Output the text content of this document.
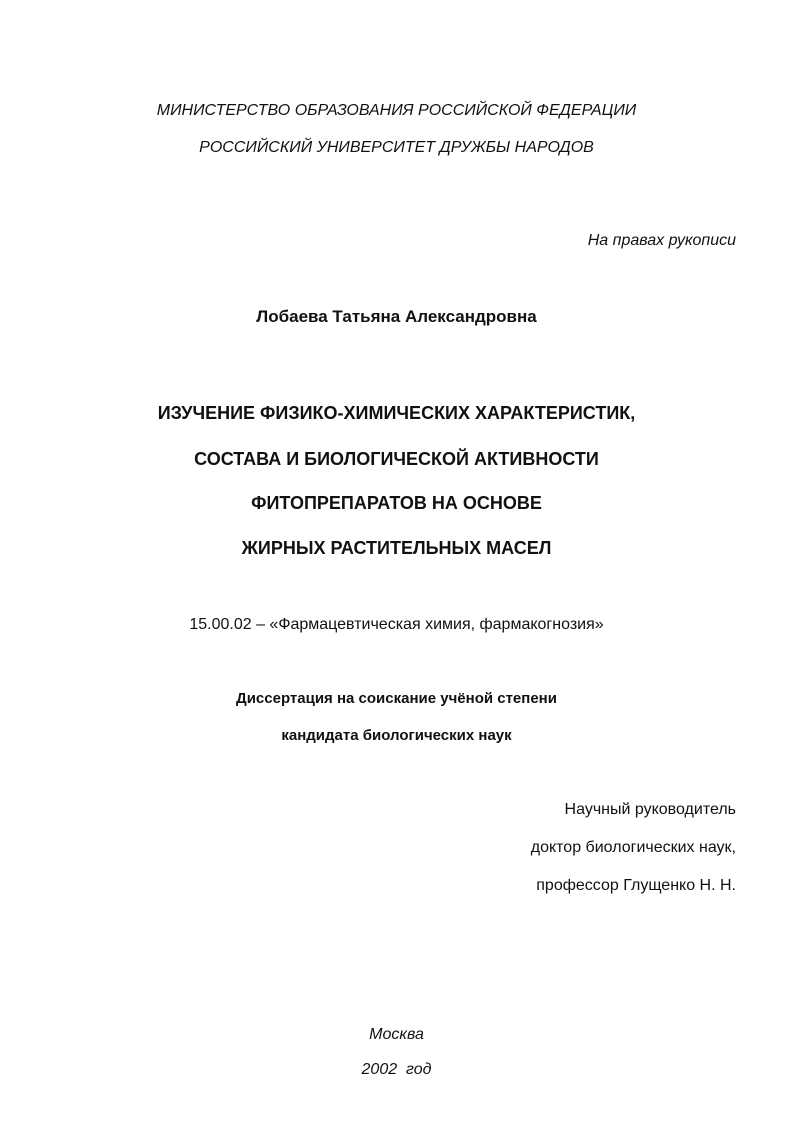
МИНИСТЕРСТВО ОБРАЗОВАНИЯ РОССИЙСКОЙ ФЕДЕРАЦИИ
РОССИЙСКИЙ УНИВЕРСИТЕТ ДРУЖБЫ НАРОДОВ
На правах рукописи
Лобаева Татьяна Александровна
ИЗУЧЕНИЕ ФИЗИКО-ХИМИЧЕСКИХ ХАРАКТЕРИСТИК,
СОСТАВА И БИОЛОГИЧЕСКОЙ АКТИВНОСТИ
ФИТОПРЕПАРАТОВ НА ОСНОВЕ
ЖИРНЫХ РАСТИТЕЛЬНЫХ МАСЕЛ
15.00.02 – «Фармацевтическая химия, фармакогнозия»
Диссертация на соискание учёной степени
кандидата биологических наук
Научный руководитель
доктор биологических наук,
профессор Глущенко Н. Н.
Москва
2002  год
